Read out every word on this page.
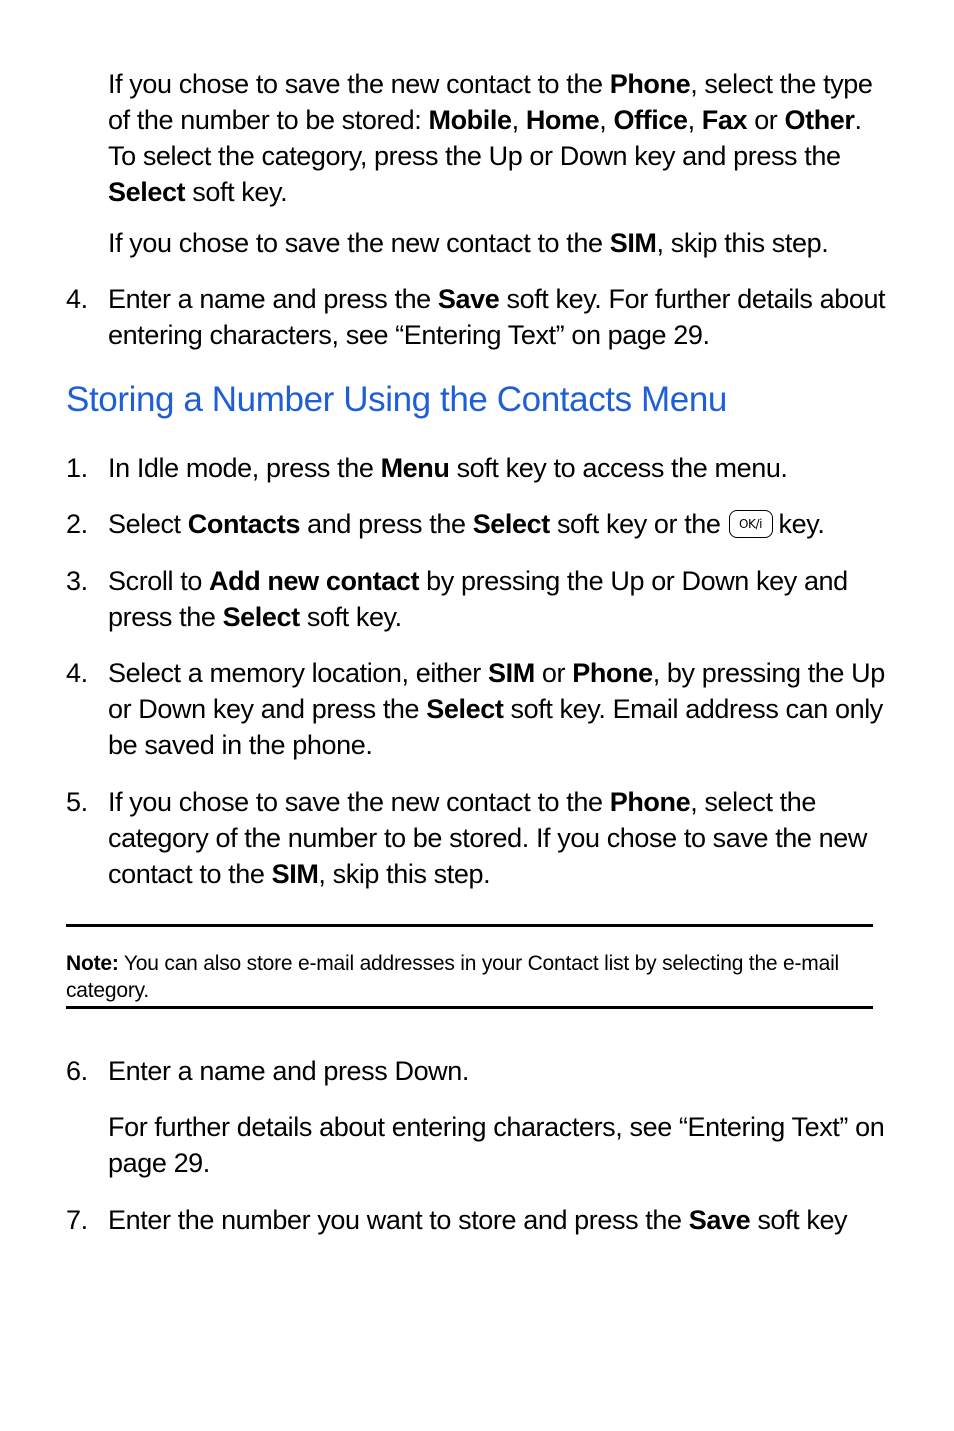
If you chose to save the new contact to the Phone, select the type of the number to be stored: Mobile, Home, Office, Fax or Other. To select the category, press the Up or Down key and press the Select soft key.
If you chose to save the new contact to the SIM, skip this step.
4. Enter a name and press the Save soft key. For further details about entering characters, see “Entering Text” on page 29.
Storing a Number Using the Contacts Menu
1. In Idle mode, press the Menu soft key to access the menu.
2. Select Contacts and press the Select soft key or the OK/i key.
3. Scroll to Add new contact by pressing the Up or Down key and press the Select soft key.
4. Select a memory location, either SIM or Phone, by pressing the Up or Down key and press the Select soft key. Email address can only be saved in the phone.
5. If you chose to save the new contact to the Phone, select the category of the number to be stored. If you chose to save the new contact to the SIM, skip this step.
Note: You can also store e-mail addresses in your Contact list by selecting the e-mail category.
6. Enter a name and press Down.
For further details about entering characters, see “Entering Text” on page 29.
7. Enter the number you want to store and press the Save soft key
